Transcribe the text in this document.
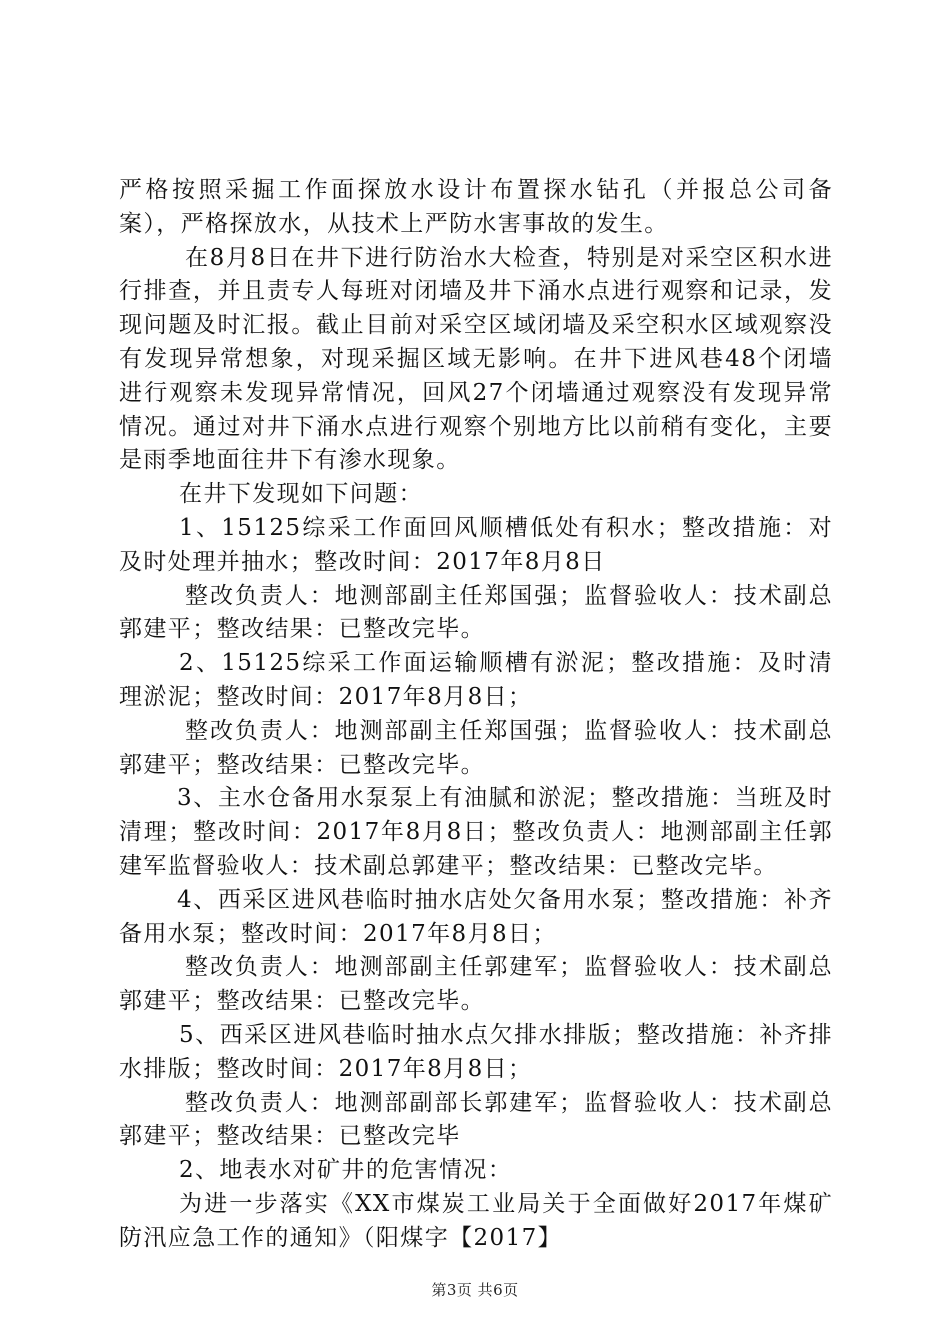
严格按照采掘工作面探放水设计布置探水钻孔（并报总公司备案），严格探放水，从技术上严防水害事故的发生。

在8月8日在井下进行防治水大检查，特别是对采空区积水进行排查，并且责专人每班对闭墙及井下涌水点进行观察和记录，发现问题及时汇报。截止目前对采空区域闭墙及采空积水区域观察没有发现异常想象，对现采掘区域无影响。在井下进风巷48个闭墙进行观察未发现异常情况，回风27个闭墙通过观察没有发现异常情况。通过对井下涌水点进行观察个别地方比以前稍有变化，主要是雨季地面往井下有渗水现象。

在井下发现如下问题：

1、15125综采工作面回风顺槽低处有积水；整改措施：对及时处理并抽水；整改时间：2017年8月8日

整改负责人：地测部副主任郑国强；监督验收人：技术副总郭建平；整改结果：已整改完毕。

2、15125综采工作面运输顺槽有淤泥；整改措施：及时清理淤泥；整改时间：2017年8月8日；

整改负责人：地测部副主任郑国强；监督验收人：技术副总郭建平；整改结果：已整改完毕。

3、主水仓备用水泵泵上有油腻和淤泥；整改措施：当班及时清理；整改时间：2017年8月8日；整改负责人：地测部副主任郭建军监督验收人：技术副总郭建平；整改结果：已整改完毕。

4、西采区进风巷临时抽水店处欠备用水泵；整改措施：补齐备用水泵；整改时间：2017年8月8日；

整改负责人：地测部副主任郭建军；监督验收人：技术副总郭建平；整改结果：已整改完毕。

5、西采区进风巷临时抽水点欠排水排版；整改措施：补齐排水排版；整改时间：2017年8月8日；

整改负责人：地测部副部长郭建军；监督验收人：技术副总郭建平；整改结果：已整改完毕

2、地表水对矿井的危害情况：

为进一步落实《XX市煤炭工业局关于全面做好2017年煤矿防汛应急工作的通知》（阳煤字【2017】

第3页 共6页
